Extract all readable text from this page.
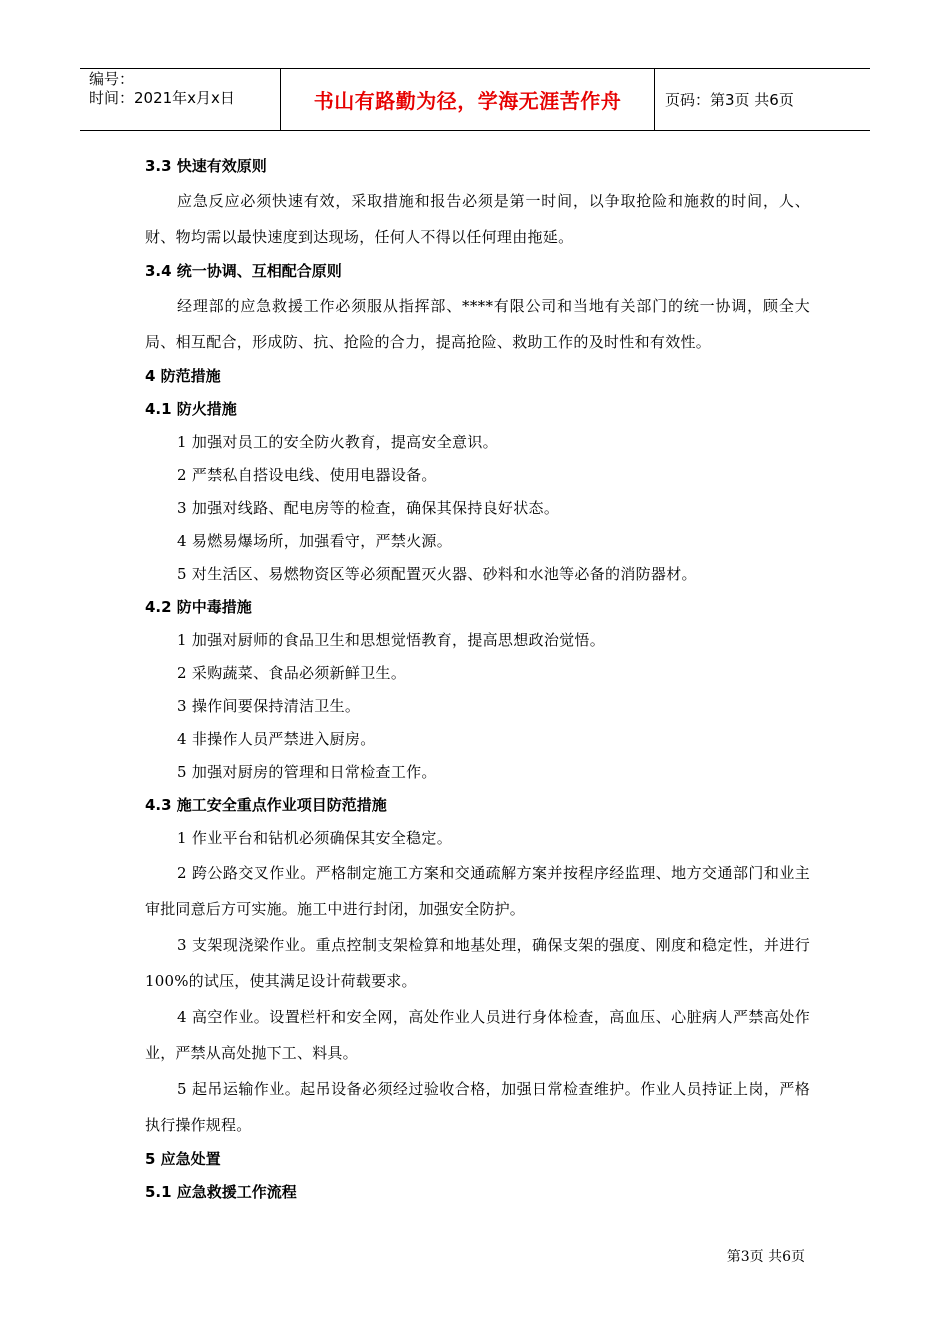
编号：
时间：2021年x月x日	书山有路勤为径，学海无涯苦作舟	页码：第3页 共6页
3.3 快速有效原则
应急反应必须快速有效，采取措施和报告必须是第一时间，以争取抢险和施救的时间，人、财、物均需以最快速度到达现场，任何人不得以任何理由拖延。
3.4 统一协调、互相配合原则
经理部的应急救援工作必须服从指挥部、****有限公司和当地有关部门的统一协调，顾全大局、相互配合，形成防、抗、抢险的合力，提高抢险、救助工作的及时性和有效性。
4 防范措施
4.1 防火措施
1 加强对员工的安全防火教育，提高安全意识。
2 严禁私自搭设电线、使用电器设备。
3 加强对线路、配电房等的检查，确保其保持良好状态。
4 易燃易爆场所，加强看守，严禁火源。
5 对生活区、易燃物资区等必须配置灭火器、砂料和水池等必备的消防器材。
4.2 防中毒措施
1 加强对厨师的食品卫生和思想觉悟教育，提高思想政治觉悟。
2 采购蔬菜、食品必须新鲜卫生。
3 操作间要保持清洁卫生。
4 非操作人员严禁进入厨房。
5 加强对厨房的管理和日常检查工作。
4.3 施工安全重点作业项目防范措施
1 作业平台和钻机必须确保其安全稳定。
2 跨公路交叉作业。严格制定施工方案和交通疏解方案并按程序经监理、地方交通部门和业主审批同意后方可实施。施工中进行封闭，加强安全防护。
3 支架现浇梁作业。重点控制支架检算和地基处理，确保支架的强度、刚度和稳定性，并进行100%的试压，使其满足设计荷载要求。
4 高空作业。设置栏杆和安全网，高处作业人员进行身体检查，高血压、心脏病人严禁高处作业，严禁从高处抛下工、料具。
5 起吊运输作业。起吊设备必须经过验收合格，加强日常检查维护。作业人员持证上岗，严格执行操作规程。
5 应急处置
5.1 应急救援工作流程
第3页 共6页
